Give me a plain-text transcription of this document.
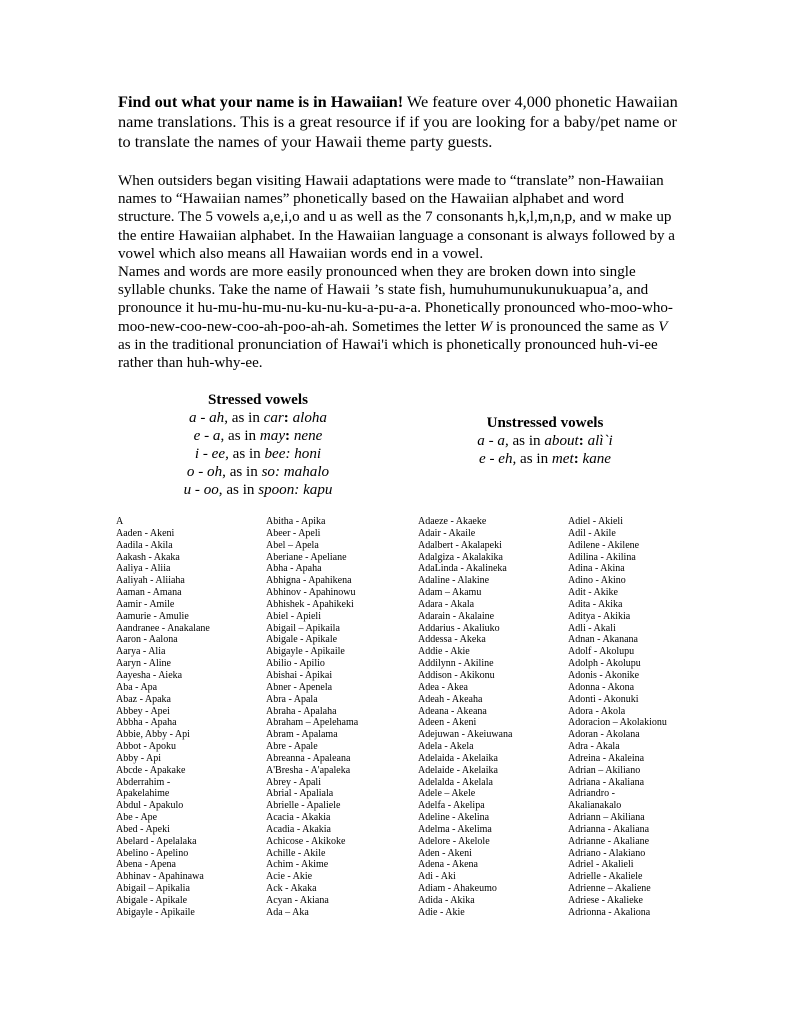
Find out what your name is in Hawaiian! We feature over 4,000 phonetic Hawaiian name translations. This is a great resource if if you are looking for a baby/pet name or to translate the names of your Hawaii theme party guests.

When outsiders began visiting Hawaii adaptations were made to “translate” non-Hawaiian names to “Hawaiian names” phonetically based on the Hawaiian alphabet and word structure. The 5 vowels a,e,i,o and u as well as the 7 consonants h,k,l,m,n,p, and w make up the entire Hawaiian alphabet. In the Hawaiian language a consonant is always followed by a vowel which also means all Hawaiian words end in a vowel.

Names and words are more easily pronounced when they are broken down into single syllable chunks. Take the name of Hawaii ’s state fish, humuhumunukunukuapua’a, and pronounce it hu-mu-hu-mu-nu-ku-nu-ku-a-pu-a-a. Phonetically pronounced who-moo-who-moo-new-coo-new-coo-ah-poo-ah-ah. Sometimes the letter W is pronounced the same as V as in the traditional pronunciation of Hawai'i which is phonetically pronounced huh-vi-ee rather than huh-why-ee.

Stressed vowels
a - ah, as in car: aloha
e - a, as in may: nene
i - ee, as in bee: honi
o - oh, as in so: mahalo
u - oo, as in spoon: kapu
Unstressed vowels
a - a, as in about: alì`i
e - eh, as in met: kane
A
Aaden - Akeni
Aadila - Akila
Aakash - Akaka
Aaliya - Aliia
Aaliyah - Aliiaha
Aaman - Amana
Aamir - Amile
Aamurie - Amulie
Aandranee - Anakalane
Aaron - Aalona
Aarya - Alia
Aaryn - Aline
Aayesha - Aieka
Aba - Apa
Abaz - Apaka
Abbey - Apei
Abbha - Apaha
Abbie, Abby - Api
Abbot - Apoku
Abby - Api
Abcde - Apakake
Abderrahim -
Apakelahime
Abdul - Apakulo
Abe - Ape
Abed - Apeki
Abelard - Apelalaka
Abelino - Apelino
Abena - Apena
Abhinav - Apahinawa
Abigail – Apikalia
Abigale - Apikale
Abigayle - Apikaile
Abitha - Apika
Abeer - Apeli
Abel – Apela
Aberiane - Apeliane
Abha - Apaha
Abhigna - Apahikena
Abhinov - Apahinowu
Abhishek - Apahikeki
Abiel - Apieli
Abigail – Apikaila
Abigale - Apikale
Abigayle - Apikaile
Abilio - Apilio
Abishai - Apikai
Abner - Apenela
Abra - Apala
Abraha - Apalaha
Abraham – Apelehama
Abram - Apalama
Abre - Apale
Abreanna - Apaleana
A'Bresha - A'apaleka
Abrey - Apali
Abrial - Apaliala
Abrielle - Apaliele
Acacia - Akakia
Acadia - Akakia
Achicose - Akikoke
Achille - Akile
Achim - Akime
Acie - Akie
Ack - Akaka
Acyan - Akiana
Ada – Aka
Adaeze - Akaeke
Adair - Akaile
Adalbert - Akalapeki
Adalgiza - Akalakika
AdaLinda - Akalineka
Adaline - Alakine
Adam – Akamu
Adara - Akala
Adarain - Akalaine
Addarius - Akaliuko
Addessa - Akeka
Addie - Akie
Addilynn - Akiline
Addison - Akikonu
Adea - Akea
Adeah - Akeaha
Adeana - Akeana
Adeen - Akeni
Adejuwan - Akeiuwana
Adela - Akela
Adelaida - Akelaika
Adelaide - Akelaika
Adelalda - Akelala
Adele – Akele
Adelfa - Akelipa
Adeline - Akelina
Adelma - Akelima
Adelore - Akelole
Aden - Akeni
Adena - Akena
Adi - Aki
Adiam - Ahakeumo
Adida - Akika
Adie - Akie
Adiel - Akieli
Adil - Akile
Adilene - Akilene
Adilina - Akilina
Adina - Akina
Adino - Akino
Adit - Akike
Adita - Akika
Aditya - Akikia
Adli - Akali
Adnan - Akanana
Adolf - Akolupu
Adolph - Akolupu
Adonis - Akonike
Adonna - Akona
Adonti - Akonuki
Adora - Akola
Adoracion – Akolakionu
Adoran - Akolana
Adra - Akala
Adreina - Akaleina
Adrian – Akiliano
Adriana - Akaliana
Adriandro -
Akalianakalo
Adriann – Akiliana
Adrianna - Akaliana
Adrianne - Akaliane
Adriano - Alakiano
Adriel - Akalieli
Adrielle - Akaliele
Adrienne – Akaliene
Adriese - Akalieke
Adrionna - Akaliona
